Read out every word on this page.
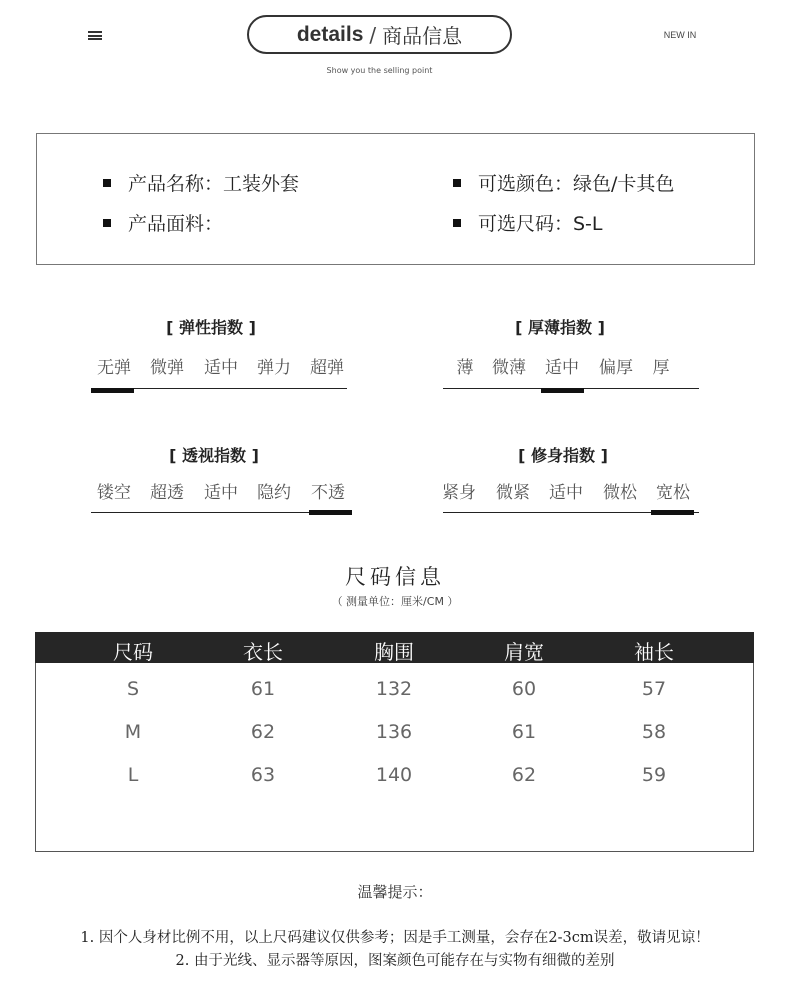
details / 商品信息
Show you the selling point
NEW IN
产品名称：工装外套
产品面料：
可选颜色：绿色/卡其色
可选尺码：S-L
[ 弹性指数 ]
无弹	微弹	适中	弹力	超弹
[ 厚薄指数 ]
薄	微薄	适中	偏厚	厚
[ 透视指数 ]
镂空	超透	适中	隐约	不透
[ 修身指数 ]
紧身	微紧	适中	微松	宽松
尺码信息
（ 测量单位：厘米/CM ）
尺码	衣长	胸围	肩宽	袖长
S	61	132	60	57
M	62	136	61	58
L	63	140	62	59
温馨提示：
1. 因个人身材比例不用，以上尺码建议仅供参考；因是手工测量，会存在2-3cm误差，敬请见谅！
2. 由于光线、显示器等原因，图案颜色可能存在与实物有细微的差别
